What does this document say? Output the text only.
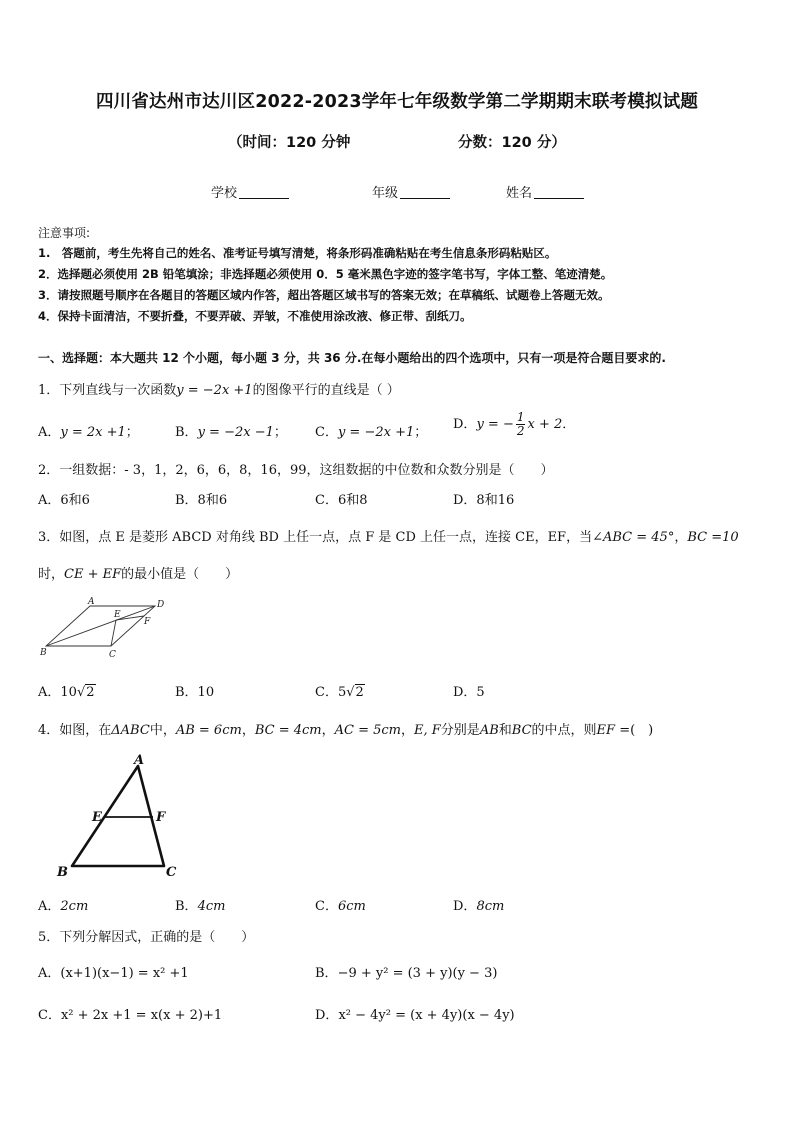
四川省达州市达川区2022-2023学年七年级数学第二学期期末联考模拟试题
（时间：120 分钟	分数：120 分）
学校	年级	姓名
注意事项:
1.　答题前，考生先将自己的姓名、准考证号填写清楚，将条形码准确粘贴在考生信息条形码粘贴区。
2．选择题必须使用 2B 铅笔填涂；非选择题必须使用 0．5 毫米黑色字迹的签字笔书写，字体工整、笔迹清楚。
3．请按照题号顺序在各题目的答题区域内作答，超出答题区域书写的答案无效；在草稿纸、试题卷上答题无效。
4．保持卡面清洁，不要折叠，不要弄破、弄皱，不准使用涂改液、修正带、刮纸刀。
一、选择题：本大题共 12 个小题，每小题 3 分，共 36 分.在每小题给出的四个选项中，只有一项是符合题目要求的.
1．下列直线与一次函数y = −2x +1的图像平行的直线是（ ）
A．y = 2x +1；	B．y = −2x −1； C．y = −2x +1；
D．y = − $\frac{1}{2}$ x + 2．
2．一组数据：- 3，1，2，6，6，8，16，99，这组数据的中位数和众数分别是（　　）
A．6和6	B．8和6	C．6和8	D．8和16
3．如图，点 E 是菱形 ABCD 对角线 BD 上任一点，点 F 是 CD 上任一点，连接 CE，EF，当∠ABC = 45°，BC =10
时，CE + EF的最小值是（　　）
A
B	C
D
E
F
A．10√2	B．10	C．5√2	D．5
4．如图，在ΔABC中，AB = 6cm，BC = 4cm，AC = 5cm，E, F分别是AB和BC的中点，则EF =(　)
A
B	C
E	F
A．2cm	B．4cm	C．6cm	D．8cm
5．下列分解因式，正确的是（　　）
A．(x+1)(x−1) = x² +1	B．−9 + y² = (3 + y)(y − 3)
C．x² + 2x +1 = x(x + 2)+1	D．x² − 4y² = (x + 4y)(x − 4y)
